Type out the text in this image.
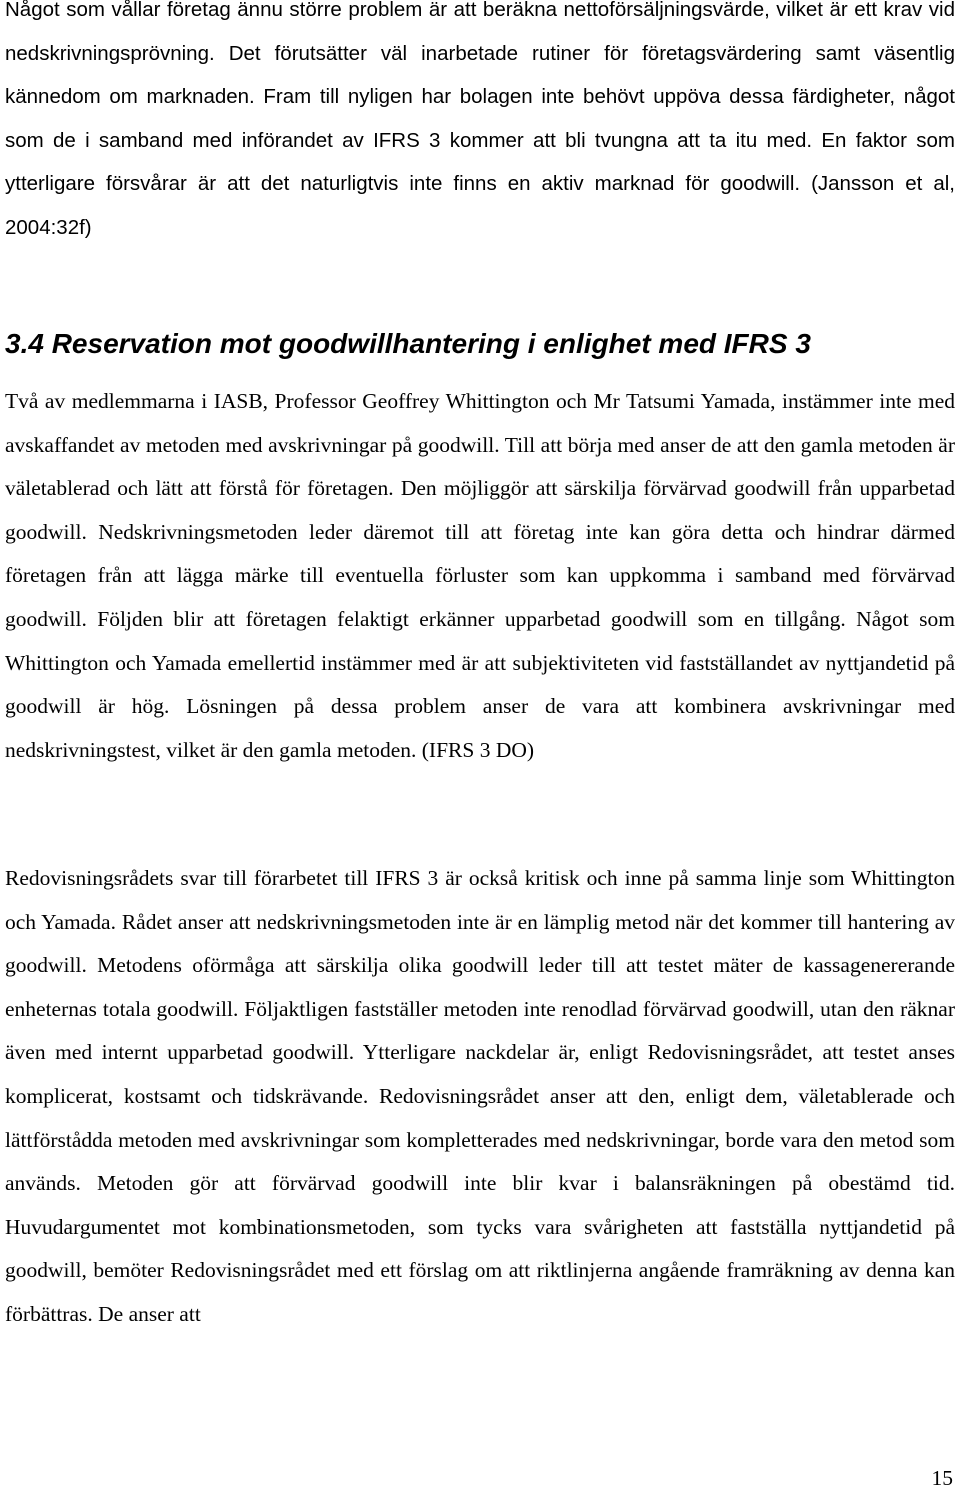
Något som vållar företag ännu större problem är att beräkna nettoförsäljningsvärde, vilket är ett krav vid nedskrivningsprövning. Det förutsätter väl inarbetade rutiner för företagsvärdering samt väsentlig kännedom om marknaden. Fram till nyligen har bolagen inte behövt uppöva dessa färdigheter, något som de i samband med införandet av IFRS 3 kommer att bli tvungna att ta itu med. En faktor som ytterligare försvårar är att det naturligtvis inte finns en aktiv marknad för goodwill. (Jansson et al, 2004:32f)

3.4 Reservation mot goodwillhantering i enlighet med IFRS 3

Två av medlemmarna i IASB, Professor Geoffrey Whittington och Mr Tatsumi Yamada, instämmer inte med avskaffandet av metoden med avskrivningar på goodwill. Till att börja med anser de att den gamla metoden är väletablerad och lätt att förstå för företagen. Den möjliggör att särskilja förvärvad goodwill från upparbetad goodwill. Nedskrivningsmetoden leder däremot till att företag inte kan göra detta och hindrar därmed företagen från att lägga märke till eventuella förluster som kan uppkomma i samband med förvärvad goodwill. Följden blir att företagen felaktigt erkänner upparbetad goodwill som en tillgång. Något som Whittington och Yamada emellertid instämmer med är att subjektiviteten vid fastställandet av nyttjandetid på goodwill är hög. Lösningen på dessa problem anser de vara att kombinera avskrivningar med nedskrivningstest, vilket är den gamla metoden. (IFRS 3 DO)

Redovisningsrådets svar till förarbetet till IFRS 3 är också kritisk och inne på samma linje som Whittington och Yamada. Rådet anser att nedskrivningsmetoden inte är en lämplig metod när det kommer till hantering av goodwill. Metodens oförmåga att särskilja olika goodwill leder till att testet mäter de kassagenererande enheternas totala goodwill. Följaktligen fastställer metoden inte renodlad förvärvad goodwill, utan den räknar även med internt upparbetad goodwill. Ytterligare nackdelar är, enligt Redovisningsrådet, att testet anses komplicerat, kostsamt och tidskrävande. Redovisningsrådet anser att den, enligt dem, väletablerade och lättförstådda metoden med avskrivningar som kompletterades med nedskrivningar, borde vara den metod som används. Metoden gör att förvärvad goodwill inte blir kvar i balansräkningen på obestämd tid. Huvudargumentet mot kombinationsmetoden, som tycks vara svårigheten att fastställa nyttjandetid på goodwill, bemöter Redovisningsrådet med ett förslag om att riktlinjerna angående framräkning av denna kan förbättras. De anser att

15
